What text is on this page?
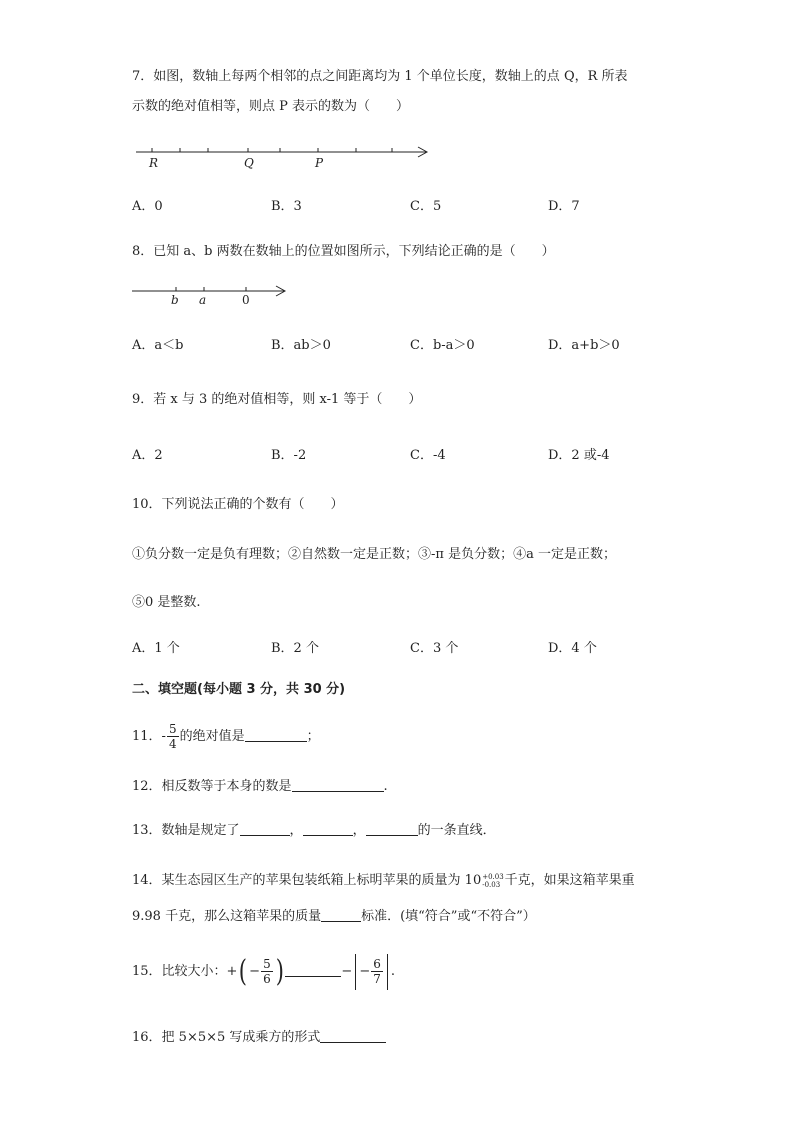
7．如图，数轴上每两个相邻的点之间距离均为 1 个单位长度，数轴上的点 Q，R 所表
示数的绝对值相等，则点 P 表示的数为（　　）
R	Q	P
A．0	B．3	C．5	D．7
8．已知 a、b 两数在数轴上的位置如图所示，下列结论正确的是（　　）
b a	0
A．a＜b	B．ab＞0	C．b-a＞0	D．a+b＞0
9．若 x 与 3 的绝对值相等，则 x-1 等于（　　）
A．2	B．-2	C．-4	D．2 或-4
10．下列说法正确的个数有（　　）
①负分数一定是负有理数；②自然数一定是正数；③-π 是负分数；④a 一定是正数；
⑤0 是整数.
A．1 个	B．2 个	C．3 个	D．4 个
二、填空题(每小题 3 分，共 30 分)
11．- $\frac{5}{4}$ 的绝对值是	；
12．相反数等于本身的数是	.
13．数轴是规定了	，	，	的一条直线．
14．某生态园区生产的苹果包装纸箱上标明苹果的质量为 10 +0.03
-0.03 千克，如果这箱苹果重
9.98 千克，那么这箱苹果的质量	标准．(填“符合”或“不符合”）
15．比较大小：+( − $\frac{5}{6}$ )	− − $\frac{6}{7}$ .
16．把 5×5×5 写成乘方的形式
